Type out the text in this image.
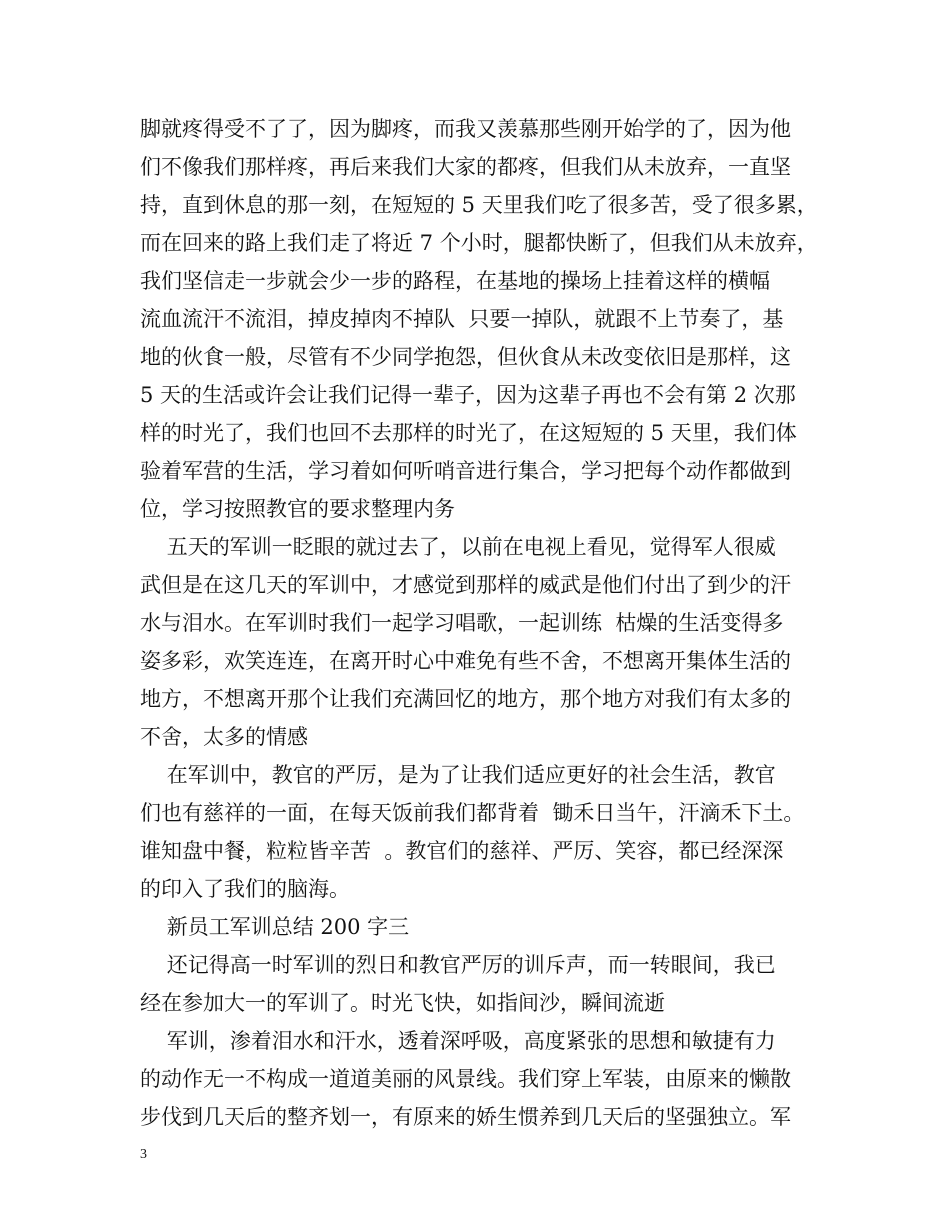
脚就疼得受不了了，因为脚疼，而我又羡慕那些刚开始学的了，因为他
们不像我们那样疼，再后来我们大家的都疼，但我们从未放弃，一直坚
持，直到休息的那一刻，在短短的 5 天里我们吃了很多苦，受了很多累，
而在回来的路上我们走了将近 7 个小时，腿都快断了，但我们从未放弃，
我们坚信走一步就会少一步的路程，在基地的操场上挂着这样的横幅
流血流汗不流泪，掉皮掉肉不掉队  只要一掉队，就跟不上节奏了，基
地的伙食一般，尽管有不少同学抱怨，但伙食从未改变依旧是那样，这
5 天的生活或许会让我们记得一辈子，因为这辈子再也不会有第 2 次那
样的时光了，我们也回不去那样的时光了，在这短短的 5 天里，我们体
验着军营的生活，学习着如何听哨音进行集合，学习把每个动作都做到
位，学习按照教官的要求整理内务
五天的军训一眨眼的就过去了，以前在电视上看见，觉得军人很威
武但是在这几天的军训中，才感觉到那样的威武是他们付出了到少的汗
水与泪水。在军训时我们一起学习唱歌，一起训练  枯燥的生活变得多
姿多彩，欢笑连连，在离开时心中难免有些不舍，不想离开集体生活的
地方，不想离开那个让我们充满回忆的地方，那个地方对我们有太多的
不舍，太多的情感
在军训中，教官的严厉，是为了让我们适应更好的社会生活，教官
们也有慈祥的一面，在每天饭前我们都背着  锄禾日当午，汗滴禾下土。
谁知盘中餐，粒粒皆辛苦  。教官们的慈祥、严厉、笑容，都已经深深
的印入了我们的脑海。
新员工军训总结 200 字三
还记得高一时军训的烈日和教官严厉的训斥声，而一转眼间，我已
经在参加大一的军训了。时光飞快，如指间沙，瞬间流逝
军训，渗着泪水和汗水，透着深呼吸，高度紧张的思想和敏捷有力
的动作无一不构成一道道美丽的风景线。我们穿上军装，由原来的懒散
步伐到几天后的整齐划一，有原来的娇生惯养到几天后的坚强独立。军
3
